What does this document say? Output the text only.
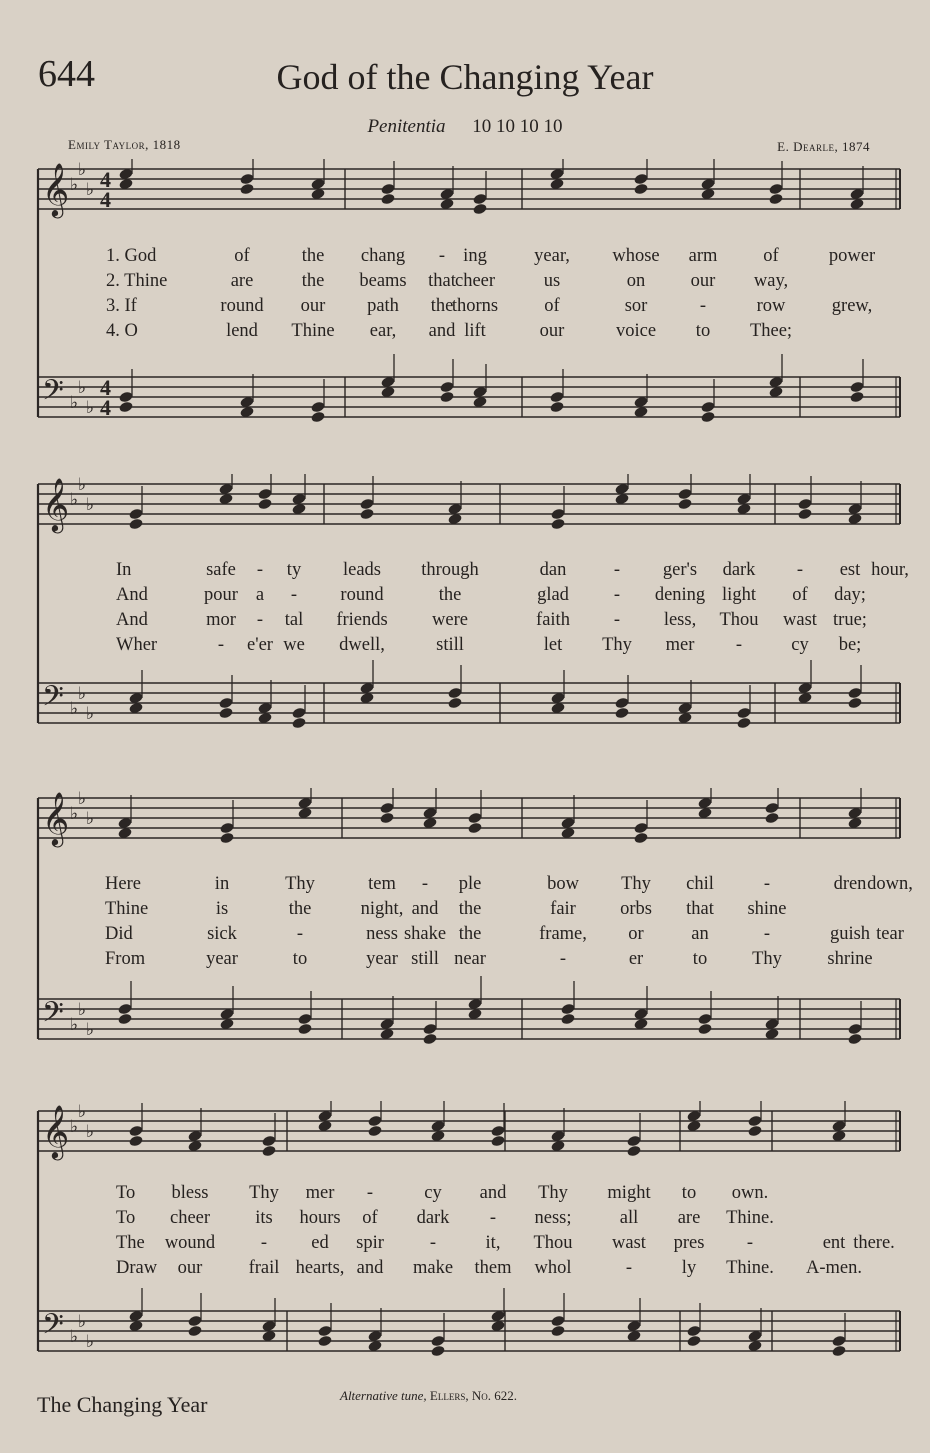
644	God of the Changing Year
Penitentia 10 10 10 10
Emily Taylor, 1818	E. Dearle, 1874
𝄞 ♭
♭
♭ 4
4
𝄢 ♭
♭
♭
4
4
𝄞 ♭
♭
♭
𝄢 ♭
♭
♭
𝄞 ♭
♭
♭
𝄢 ♭
♭
♭
𝄞 ♭
♭
♭
𝄢 ♭
♭
♭
The Changing Year	Alternative tune, Ellers, No. 622.
1. God	of	the chang - ing	year, whose arm of	power
2. Thine	are	the beams that cheer	us	on our way,
3. If	round our path the
thorns of	sor	-	row	grew,
4. O	lend Thine ear, and lift	our	voice to Thee;
In	safe - ty leads through	dan	- ger's dark - est hour,
And	pour a - round	the	glad - dening light of day;
And	mor - tal friends were	faith - less, Thou wast true;
Wher	- e'er we dwell,	still	let Thy mer -	cy be;
Here	in	Thy	tem - ple	bow Thy chil	-	dren down,
Thine	is	the	night, and the	fair orbs that shine
Did	sick	-	ness shake the	frame, or	an	-	guish tear
From	year	to	year still near	-	er	to Thy shrine
To bless Thy mer -	cy and Thy might to own.
To cheer its hours of dark - ness;	all are Thine.
The wound - ed spir -	it, Thou wast pres -	ent there.
Draw our	frail hearts, and make them whol	-	ly Thine. A-men.
